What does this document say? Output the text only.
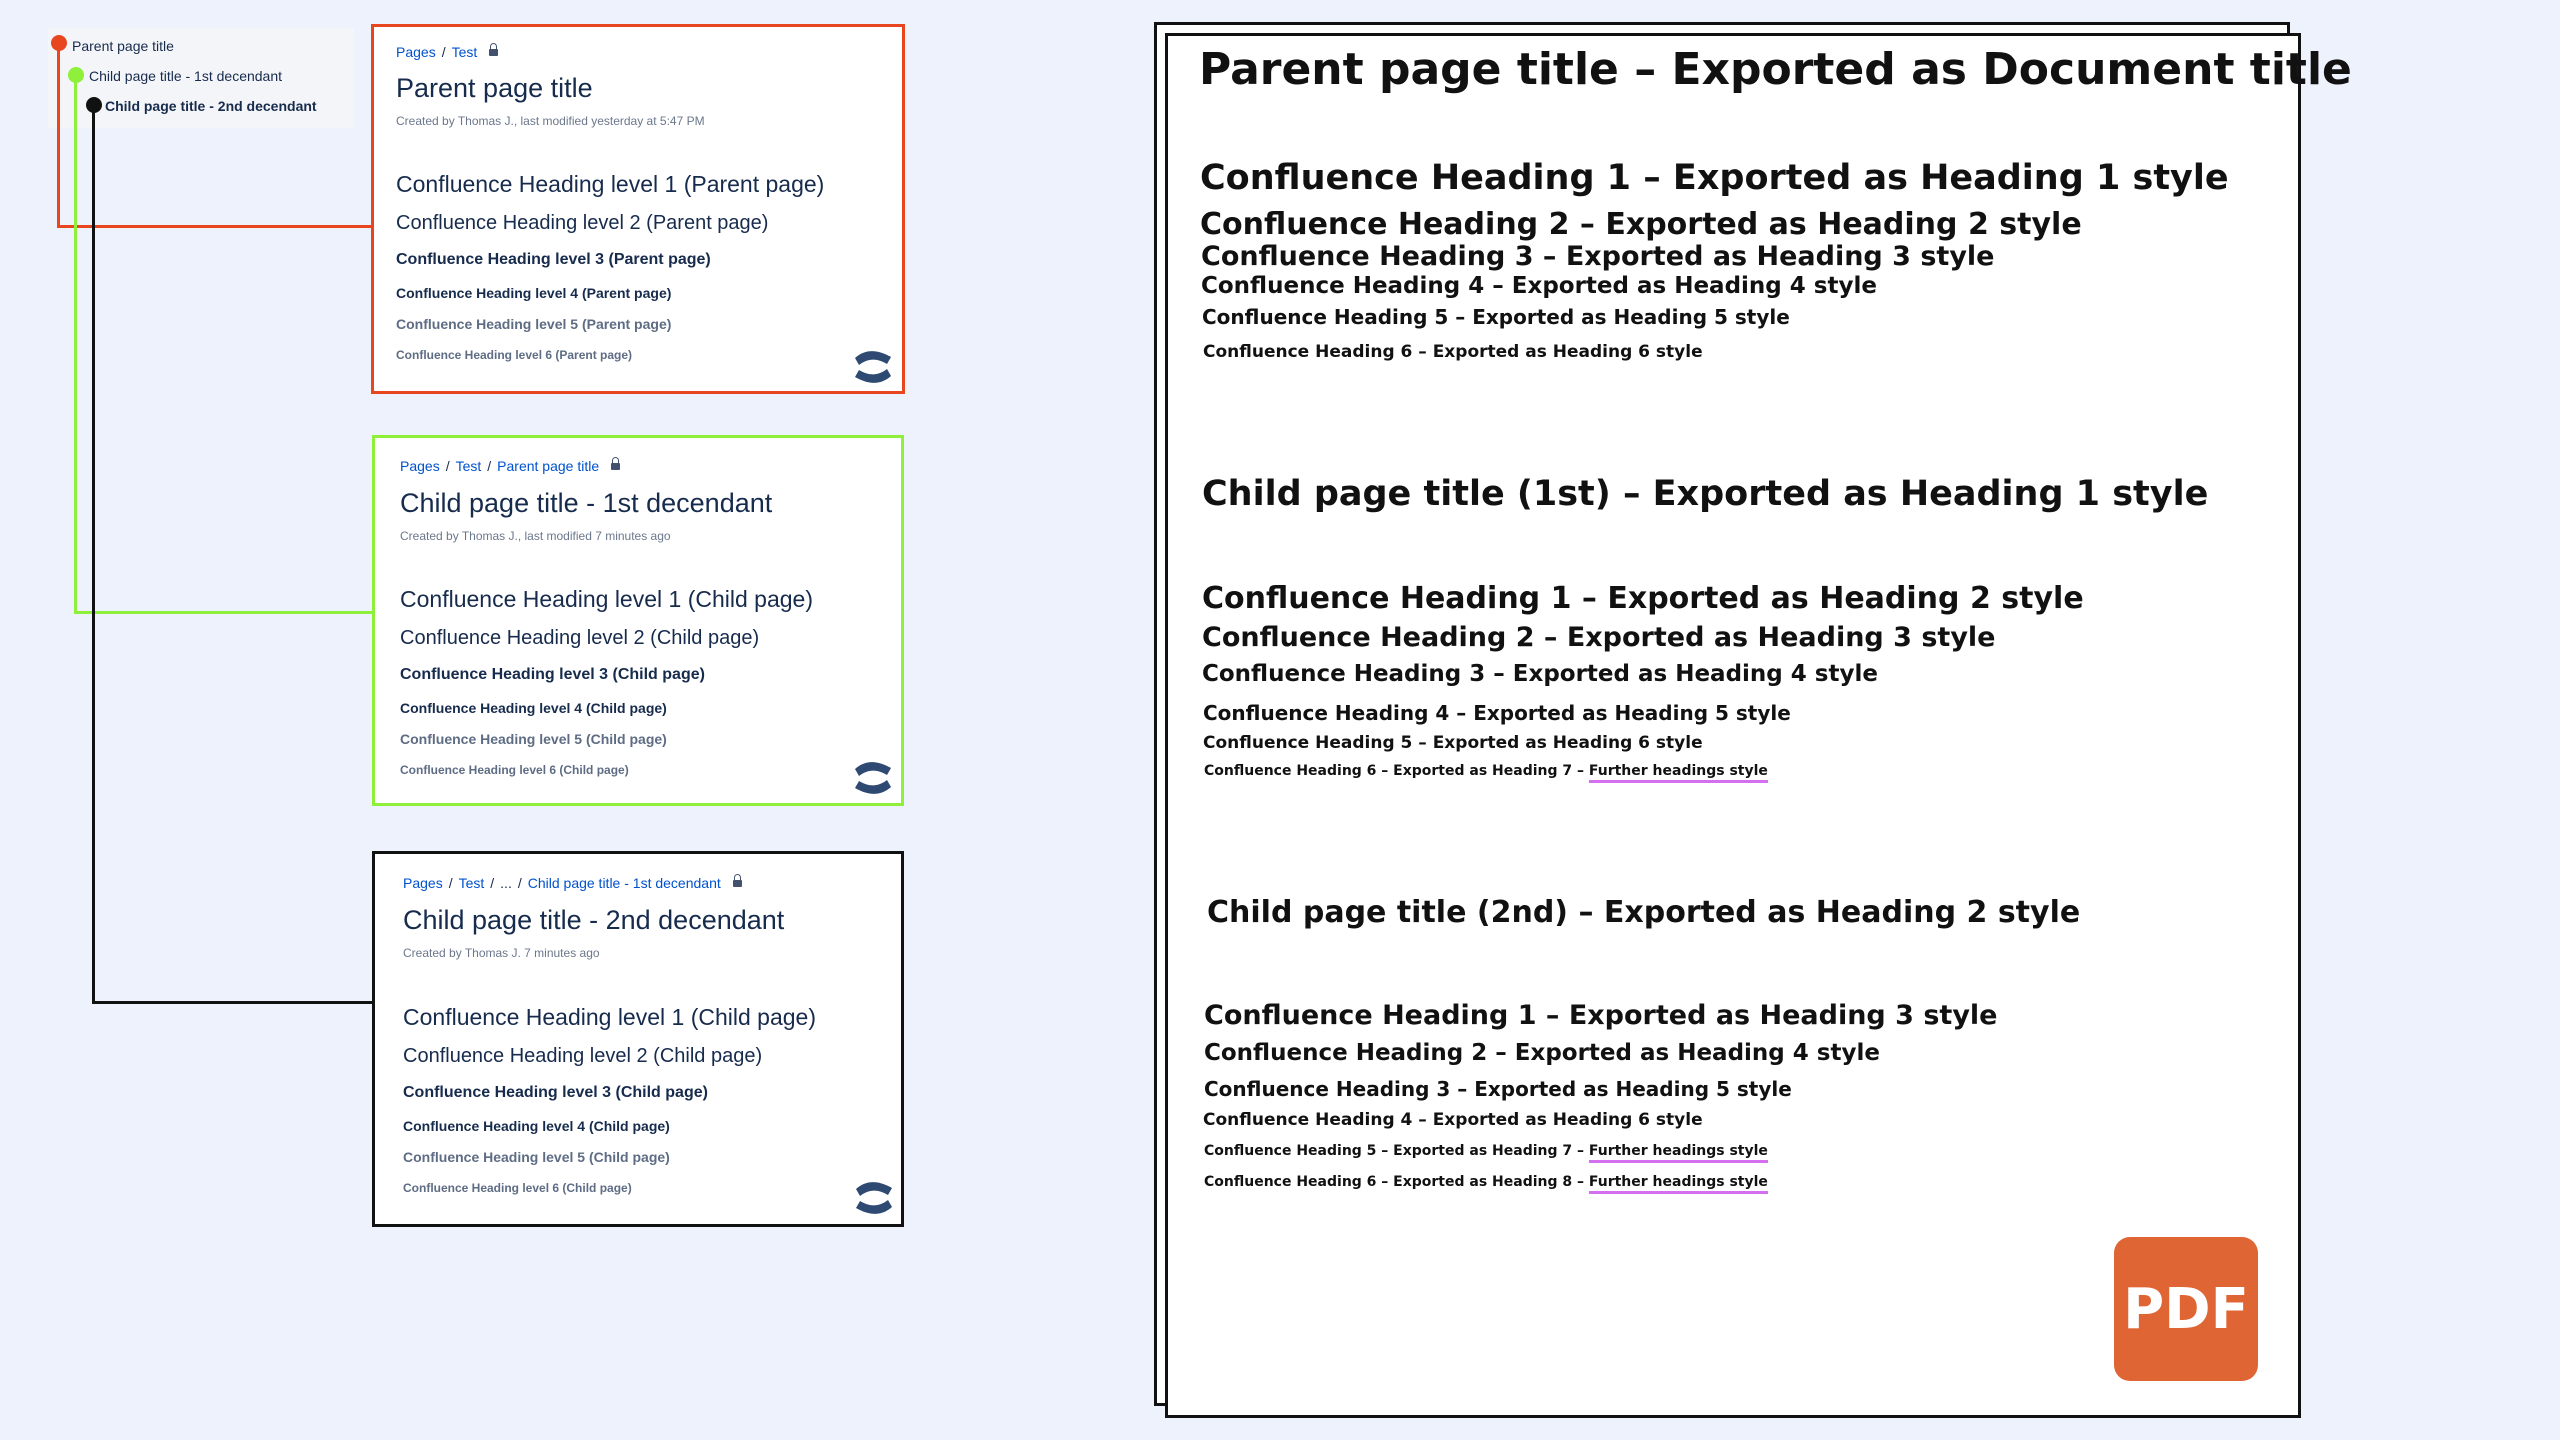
Parent page title
Child page title - 1st decendant
Child page title - 2nd decendant
Pages / Test
Parent page title
Created by Thomas J., last modified yesterday at 5:47 PM
Confluence Heading level 1 (Parent page)
Confluence Heading level 2 (Parent page)
Confluence Heading level 3 (Parent page)
Confluence Heading level 4 (Parent page)
Confluence Heading level 5 (Parent page)
Confluence Heading level 6 (Parent page)
Pages / Test / Parent page title
Child page title - 1st decendant
Created by Thomas J., last modified 7 minutes ago
Confluence Heading level 1 (Child page)
Confluence Heading level 2 (Child page)
Confluence Heading level 3 (Child page)
Confluence Heading level 4 (Child page)
Confluence Heading level 5 (Child page)
Confluence Heading level 6 (Child page)
Pages / Test / ... / Child page title - 1st decendant
Child page title - 2nd decendant
Created by Thomas J. 7 minutes ago
Confluence Heading level 1 (Child page)
Confluence Heading level 2 (Child page)
Confluence Heading level 3 (Child page)
Confluence Heading level 4 (Child page)
Confluence Heading level 5 (Child page)
Confluence Heading level 6 (Child page)
Parent page title – Exported as Document title
Confluence Heading 1 – Exported as Heading 1 style
Confluence Heading 2 – Exported as Heading 2 style
Confluence Heading 3 – Exported as Heading 3 style
Confluence Heading 4 – Exported as Heading 4 style
Confluence Heading 5 – Exported as Heading 5 style
Confluence Heading 6 – Exported as Heading 6 style
Child page title (1st) – Exported as Heading 1 style
Confluence Heading 1 – Exported as Heading 2 style
Confluence Heading 2 – Exported as Heading 3 style
Confluence Heading 3 – Exported as Heading 4 style
Confluence Heading 4 – Exported as Heading 5 style
Confluence Heading 5 – Exported as Heading 6 style
Confluence Heading 6 – Exported as Heading 7 – Further headings style
Child page title (2nd) – Exported as Heading 2 style
Confluence Heading 1 – Exported as Heading 3 style
Confluence Heading 2 – Exported as Heading 4 style
Confluence Heading 3 – Exported as Heading 5 style
Confluence Heading 4 – Exported as Heading 6 style
Confluence Heading 5 – Exported as Heading 7 – Further headings style
Confluence Heading 6 – Exported as Heading 8 – Further headings style
PDF
